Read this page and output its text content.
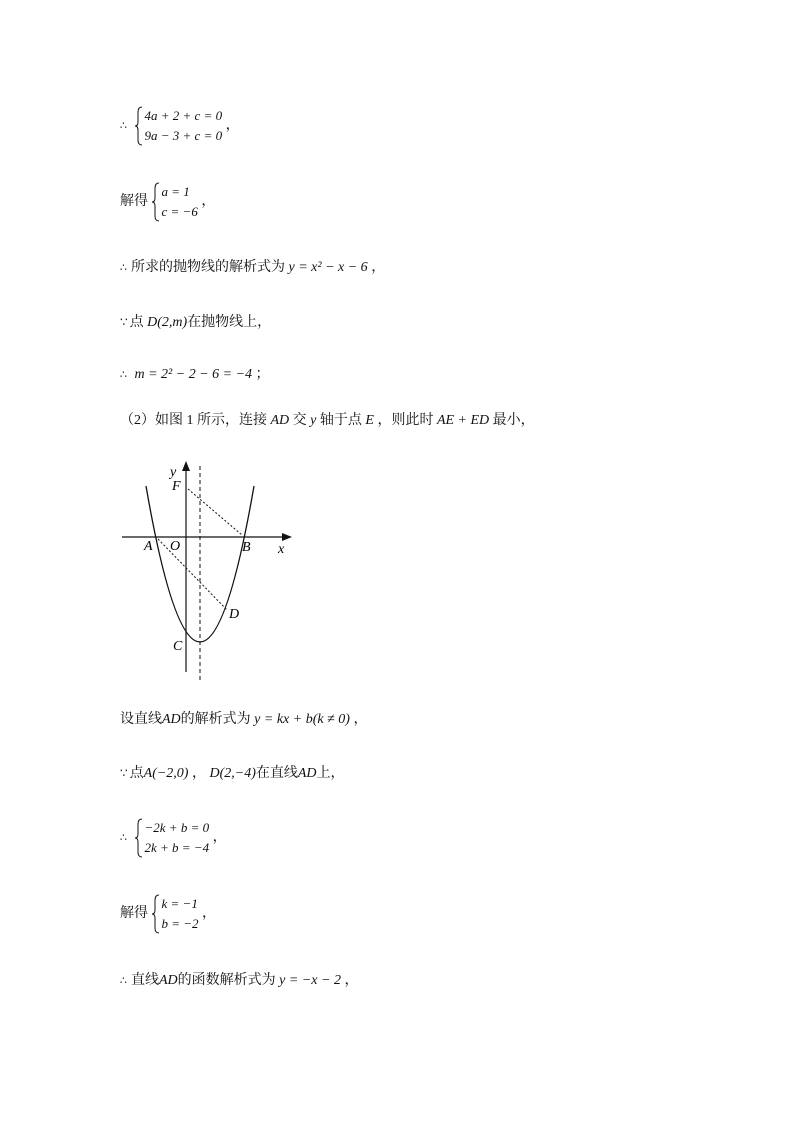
∴
4a + 2 + c = 0
9a − 3 + c = 0
，
解得
a = 1
c = −6
，
∴ 所求的抛物线的解析式为 y = x² − x − 6 ，
∵ 点 D(2,m)在抛物线上，
∴ m = 2² − 2 − 6 = −4 ；
（2）如图 1 所示，连接 AD 交 y 轴于点 E ，则此时 AE + ED 最小，
y
F
A O	B x
D
C
设直线AD的解析式为 y = kx + b(k ≠ 0) ，
∵ 点A(−2,0) ， D(2,−4)在直线AD上，
∴
−2k + b = 0
2k + b = −4
，
解得
k = −1
b = −2
，
∴ 直线AD的函数解析式为 y = −x − 2 ，
